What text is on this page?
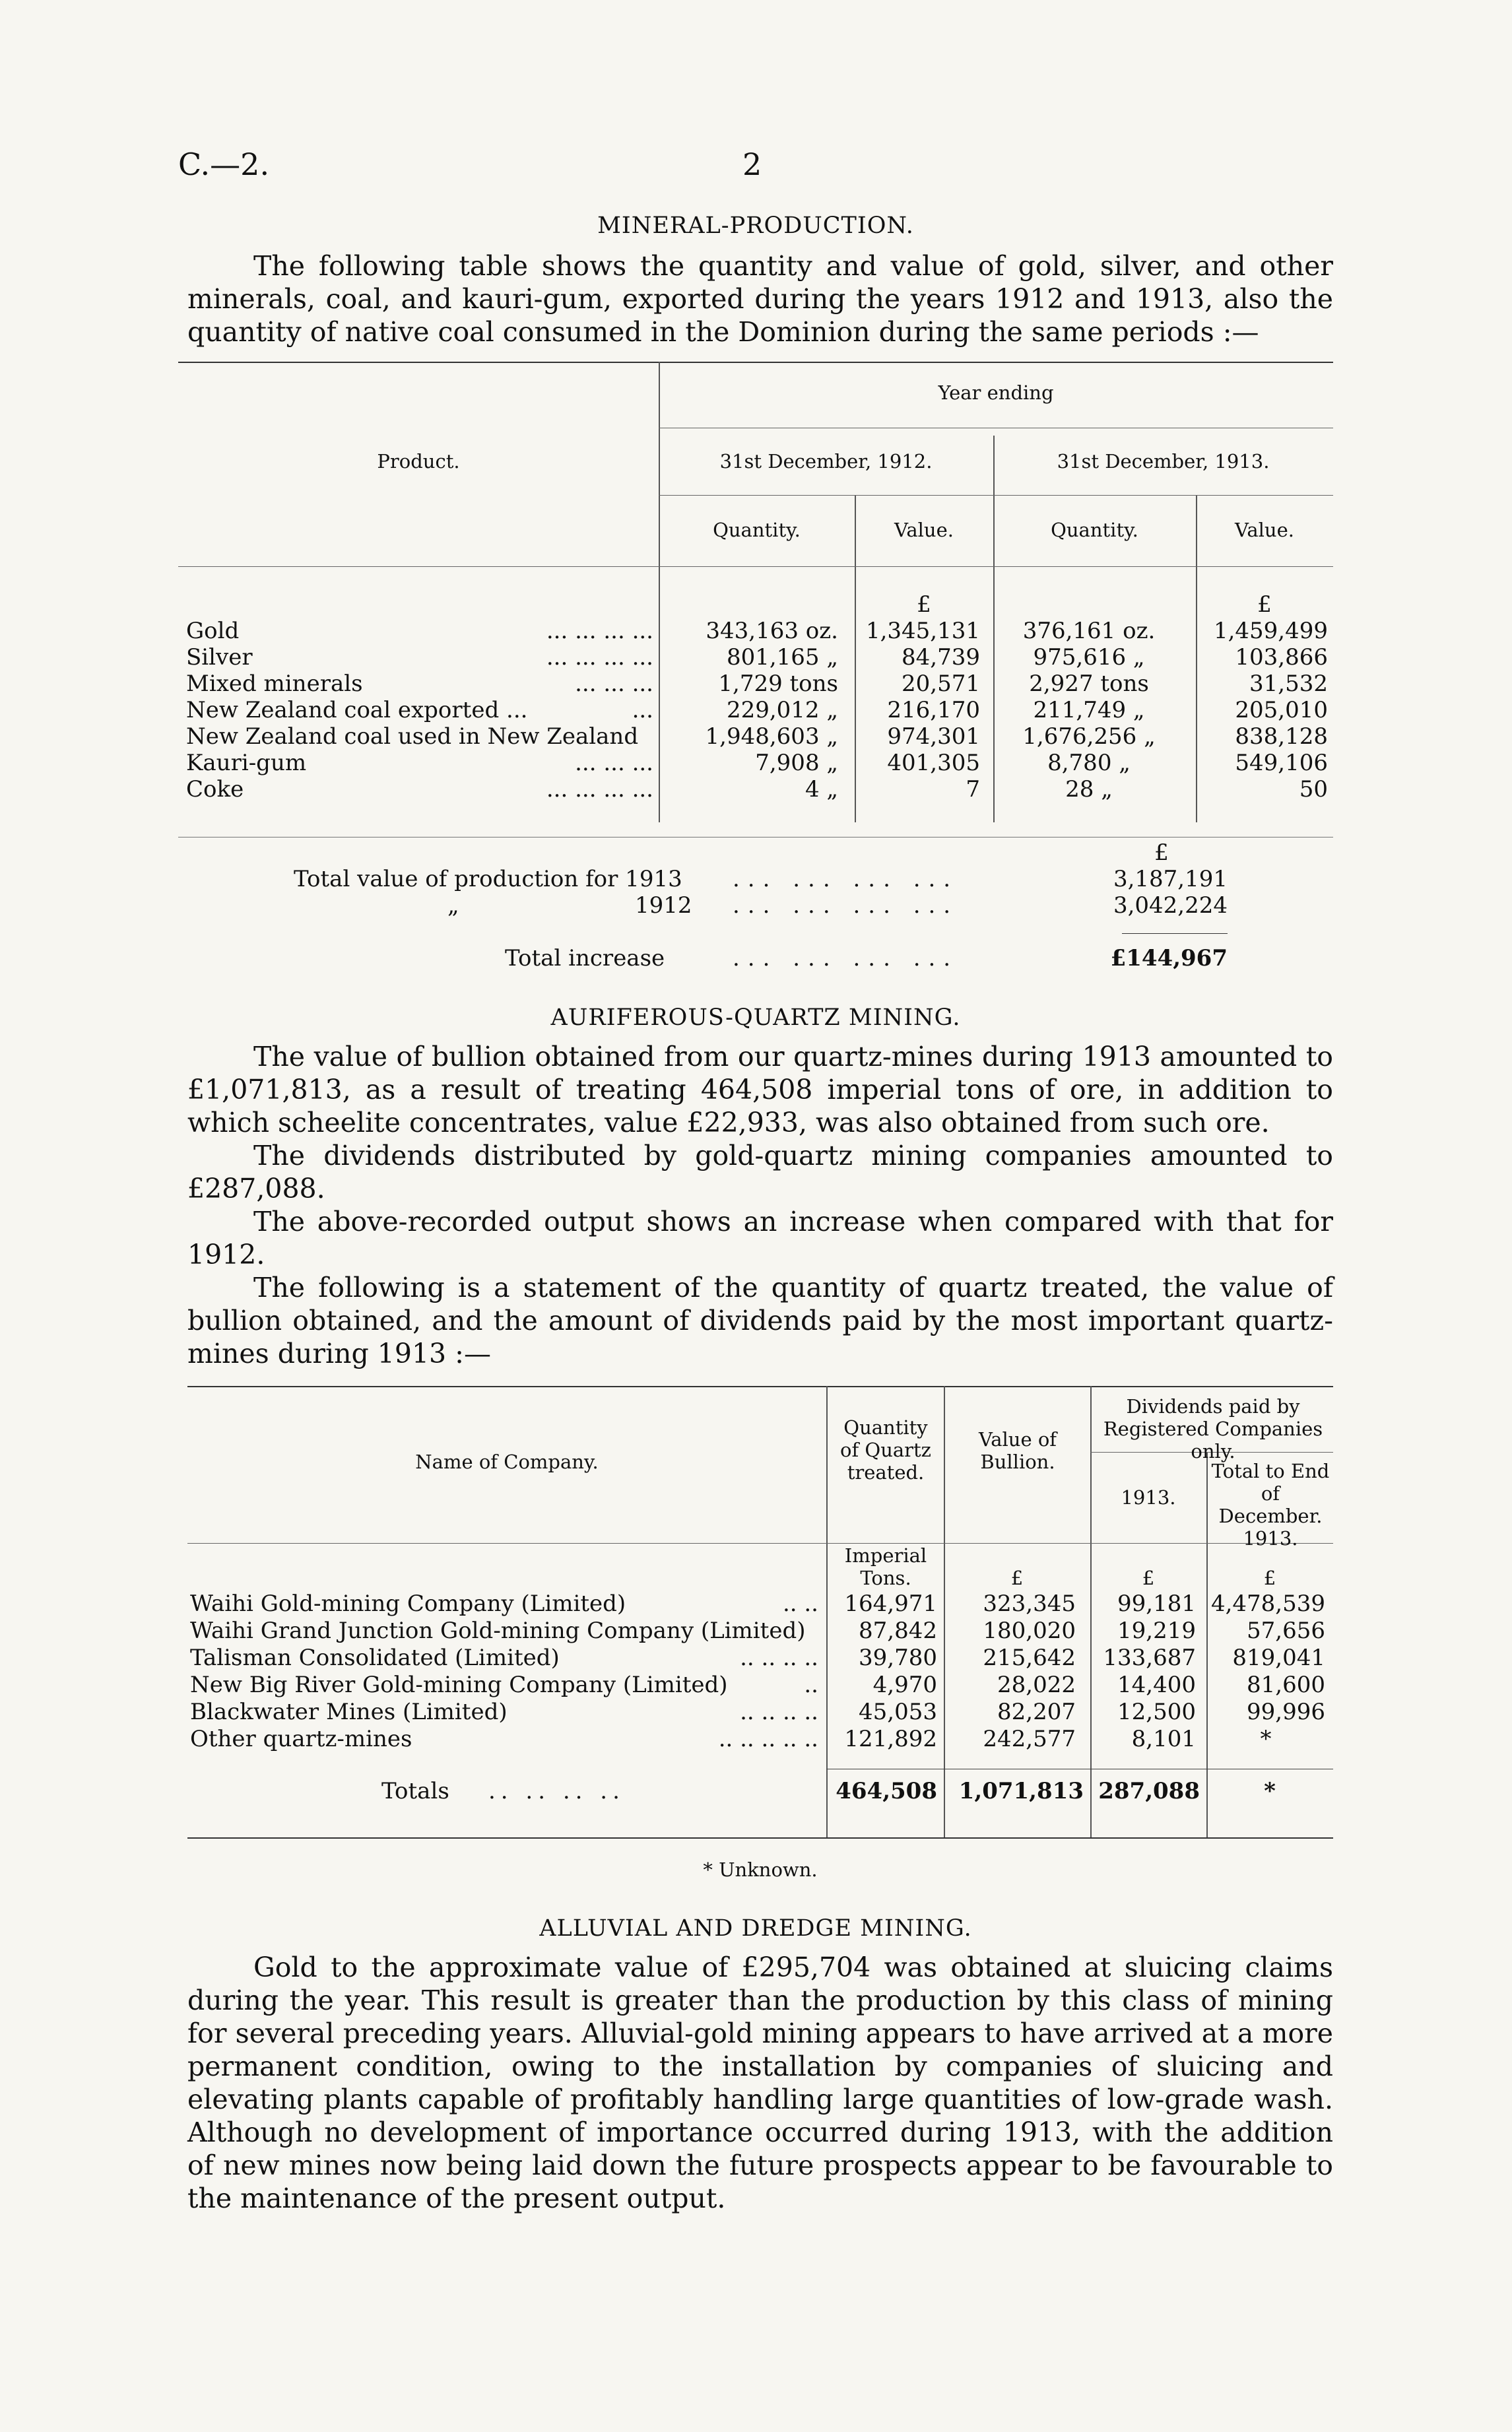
C.—2.	2
MINERAL-PRODUCTION.

The following table shows the quantity and value of gold, silver, and other minerals, coal, and kauri-gum, exported during the years 1912 and 1913, also the quantity of native coal consumed in the Dominion during the same periods :—

Year ending
Product.	31st December, 1912.	31st December, 1913.
Quantity.	Value.	Quantity.	Value.
£	£
Gold	... ... ... ...	343,163 oz.	1,345,131	376,161 oz.	1,459,499
Silver	... ... ... ...	801,165 „	84,739	975,616 „	103,866
Mixed minerals	... ... ...	1,729 tons	20,571	2,927 tons	31,532
New Zealand coal exported ...	...	229,012 „	216,170	211,749 „	205,010
New Zealand coal used in New Zealand	1,948,603 „	974,301	1,676,256 „	838,128
Kauri-gum	... ... ...	7,908 „	401,305	8,780 „	549,106
Coke	... ... ... ...	4 „	7	28 „	50
£
Total value of production for 1913 ... ... ... ...	3,187,191
„	1912 ... ... ... ...	3,042,224
Total increase	... ... ... ...	£144,967
AURIFEROUS-QUARTZ MINING.

The value of bullion obtained from our quartz-mines during 1913 amounted to £1,071,813, as a result of treating 464,508 imperial tons of ore, in addition to which scheelite concentrates, value £22,933, was also obtained from such ore.

The dividends distributed by gold-quartz mining companies amounted to £287,088.

The above-recorded output shows an increase when compared with that for 1912.

The following is a statement of the quantity of quartz treated, the value of bullion obtained, and the amount of dividends paid by the most important quartz-mines during 1913 :—

Name of Company.
Quantity of Quartz treated.
Value of Bullion.
Dividends paid by Registered Companies only.
1913.
Total to End of December. 1913.
Imperial Tons.	£	£	£
Waihi Gold-mining Company (Limited)	.. ..	164,971	323,345	99,181 4,478,539
Waihi Grand Junction Gold-mining Company (Limited)	87,842	180,020	19,219	57,656
Talisman Consolidated (Limited)	.. .. .. ..	39,780	215,642	133,687	819,041
New Big River Gold-mining Company (Limited)	..	4,970	28,022	14,400	81,600
Blackwater Mines (Limited)	.. .. .. ..	45,053	82,207	12,500	99,996
Other quartz-mines	.. .. .. .. ..	121,892	242,577	8,101	*
Totals .. .. .. ..	464,508 1,071,813 287,088	*
* Unknown.
ALLUVIAL AND DREDGE MINING.

Gold to the approximate value of £295,704 was obtained at sluicing claims during the year. This result is greater than the production by this class of mining for several preceding years. Alluvial-gold mining appears to have arrived at a more permanent condition, owing to the installation by companies of sluicing and elevating plants capable of profitably handling large quantities of low-grade wash. Although no development of importance occurred during 1913, with the addition of new mines now being laid down the future prospects appear to be favourable to the maintenance of the present output.
